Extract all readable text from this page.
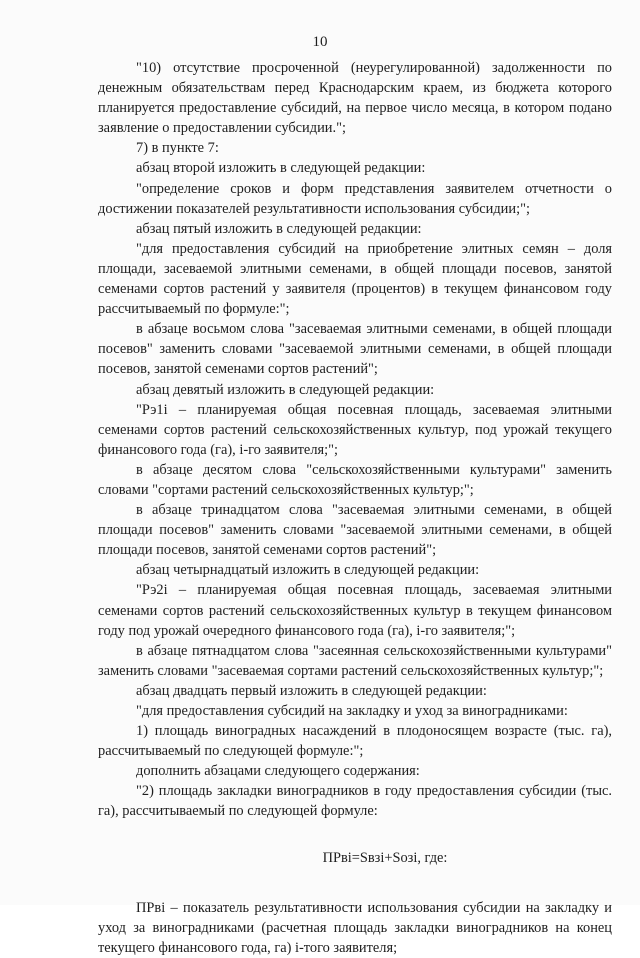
10

"10) отсутствие просроченной (неурегулированной) задолженности по денежным обязательствам перед Краснодарским краем, из бюджета которого планируется предоставление субсидий, на первое число месяца, в котором подано заявление о предоставлении субсидии.";

7) в пункте 7:

абзац второй изложить в следующей редакции:

"определение сроков и форм представления заявителем отчетности о достижении показателей результативности использования субсидии;";

абзац пятый изложить в следующей редакции:

"для предоставления субсидий на приобретение элитных семян – доля площади, засеваемой элитными семенами, в общей площади посевов, занятой семенами сортов растений у заявителя (процентов) в текущем финансовом году рассчитываемый по формуле:";

в абзаце восьмом слова "засеваемая элитными семенами, в общей площади посевов" заменить словами "засеваемой элитными семенами, в общей площади посевов, занятой семенами сортов растений";

абзац девятый изложить в следующей редакции:

"Рэ1i – планируемая общая посевная площадь, засеваемая элитными семенами сортов растений сельскохозяйственных культур, под урожай текущего финансового года (га), i-го заявителя;";

в абзаце десятом слова "сельскохозяйственными культурами" заменить словами "сортами растений сельскохозяйственных культур;";

в абзаце тринадцатом слова "засеваемая элитными семенами, в общей площади посевов" заменить словами "засеваемой элитными семенами, в общей площади посевов, занятой семенами сортов растений";

абзац четырнадцатый изложить в следующей редакции:

"Рэ2i – планируемая общая посевная площадь, засеваемая элитными семенами сортов растений сельскохозяйственных культур в текущем финансовом году под урожай очередного финансового года (га), i-го заявителя;";

в абзаце пятнадцатом слова "засеянная сельскохозяйственными культурами" заменить словами "засеваемая сортами растений сельскохозяйственных культур;";

абзац двадцать первый изложить в следующей редакции:

"для предоставления субсидий на закладку и уход за виноградниками:

1) площадь виноградных насаждений в плодоносящем возрасте (тыс. га), рассчитываемый по следующей формуле:";

дополнить абзацами следующего содержания:

"2) площадь закладки виноградников в году предоставления субсидии (тыс. га), рассчитываемый по следующей формуле:

ПРвi=Sвзi+Sозi, где:

ПРвi – показатель результативности использования субсидии на закладку и уход за виноградниками (расчетная площадь закладки виноградников на конец текущего финансового года, га) i-того заявителя;
